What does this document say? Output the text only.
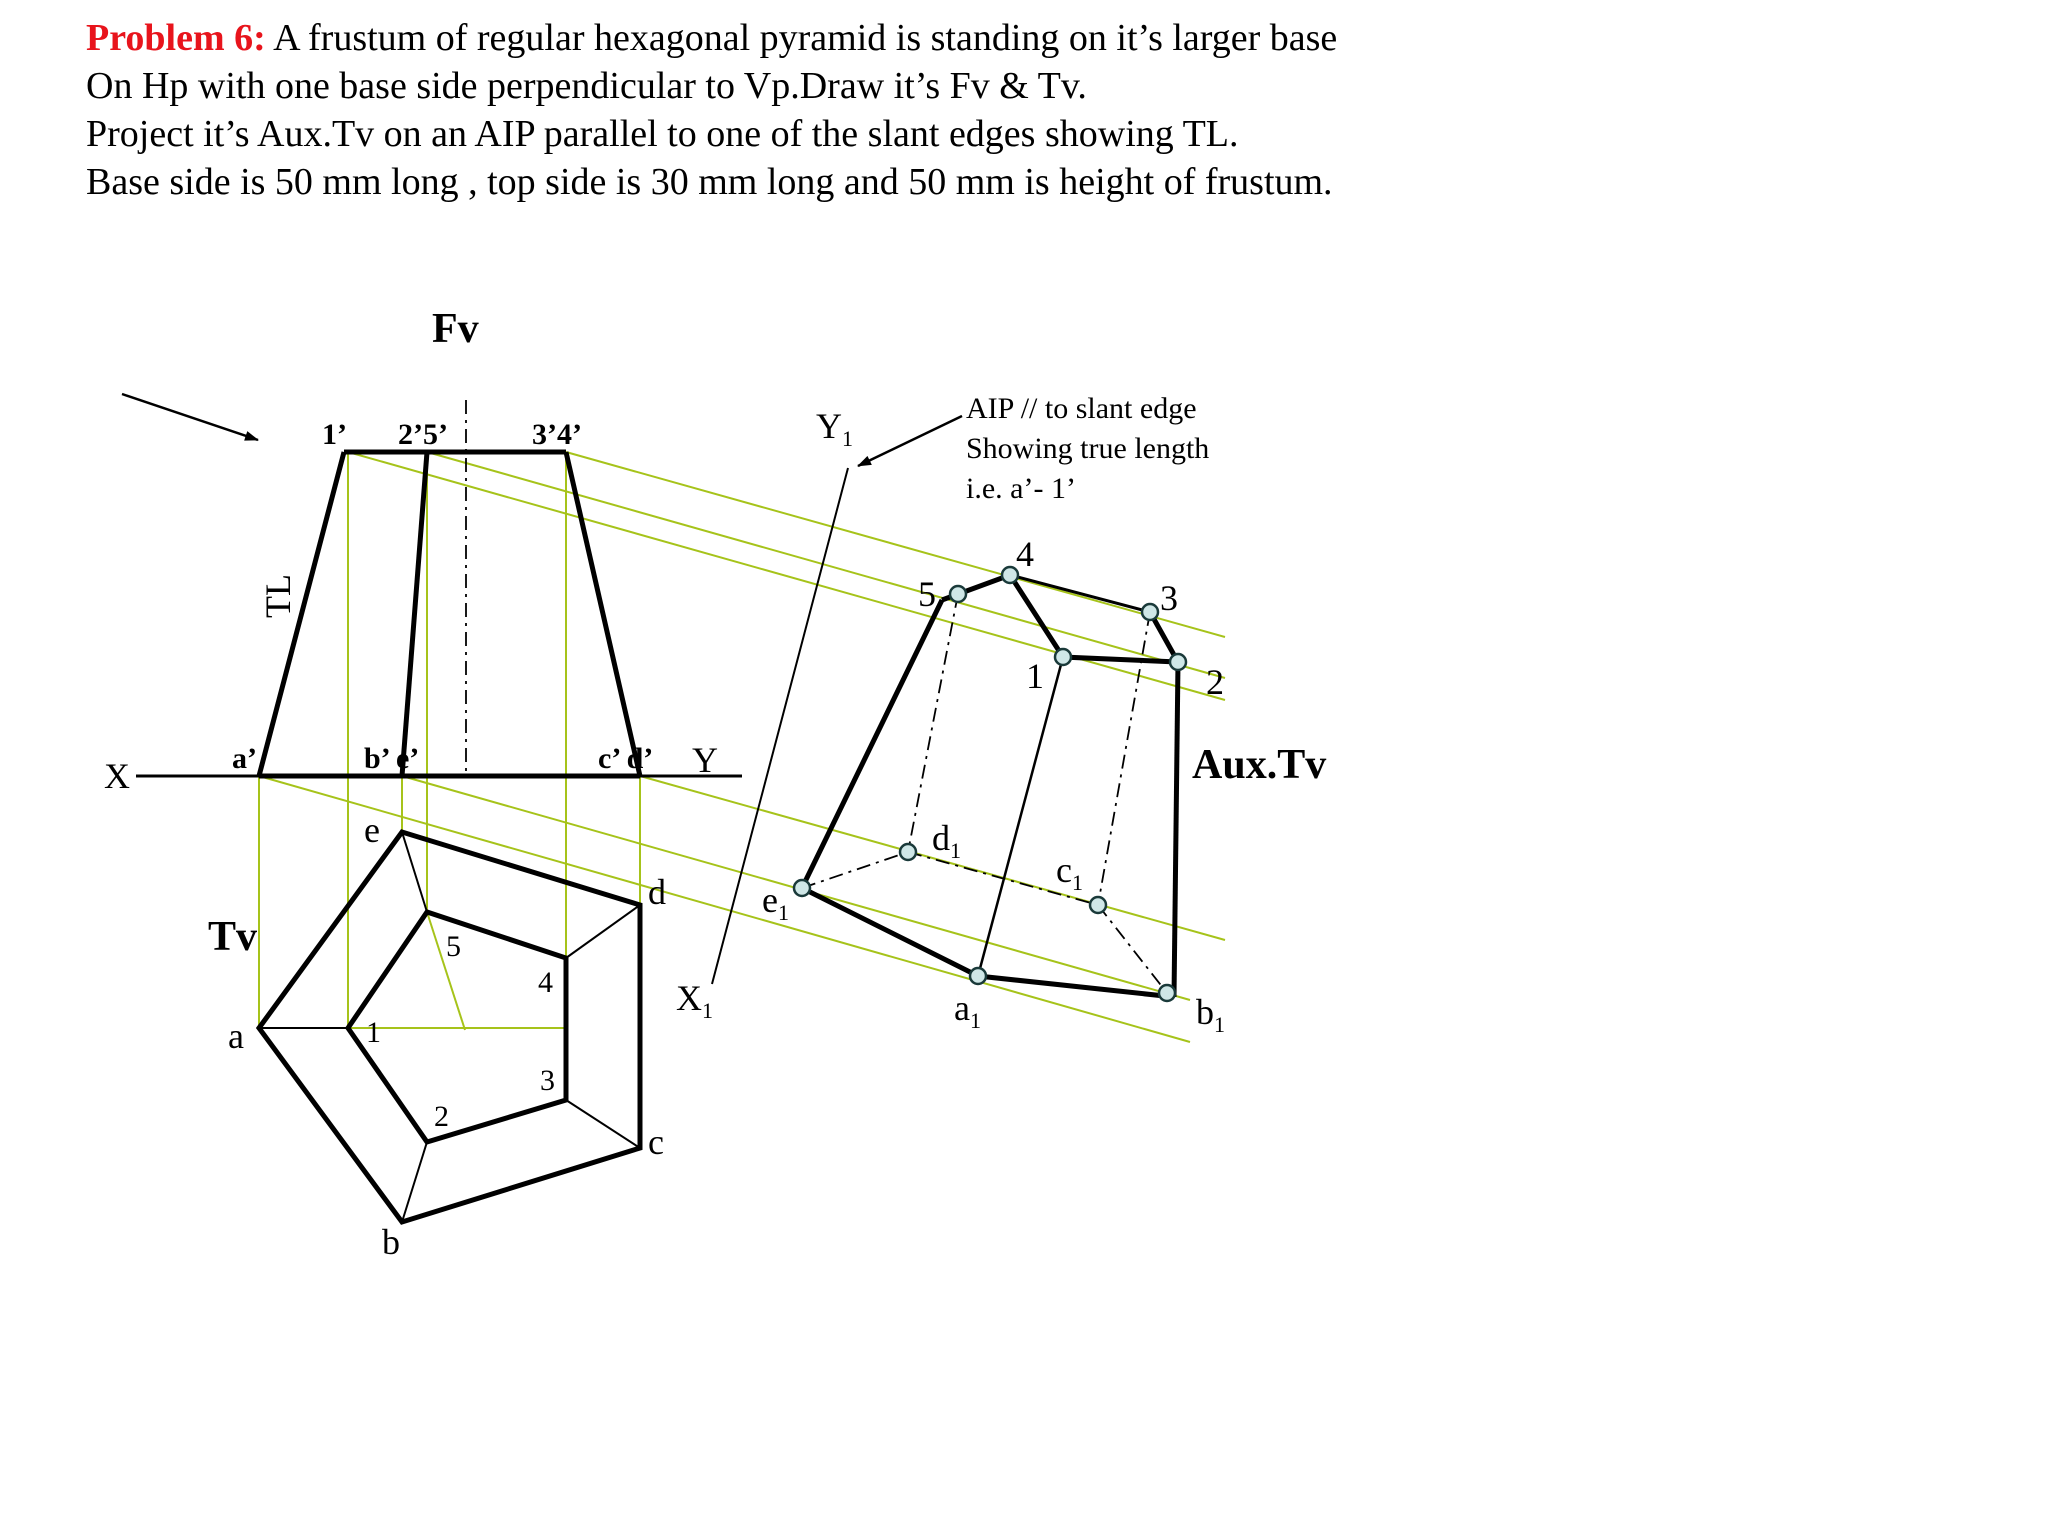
Problem 6: A frustum of regular hexagonal pyramid is standing on it’s larger base
On Hp with one base side perpendicular to Vp.Draw it’s Fv & Tv.
Project it’s Aux.Tv on an AIP parallel to one of the slant edges showing TL.
Base side is 50 mm long , top side is 30 mm long and 50 mm is height of frustum.
Fv
Tv
Aux.Tv
TL
AIP // to slant edge
Showing true length
i.e. a’- 1’
X	Y
$X_1$
$Y_1$
1’ 2’5’	3’4’
a’	b’ e’	c’ d’
a
b
c
d
e
1
2
3
4
5
5
4
3
1	2
$d_1$	$c_1$
$e_1$
$a_1$	$b_1$
